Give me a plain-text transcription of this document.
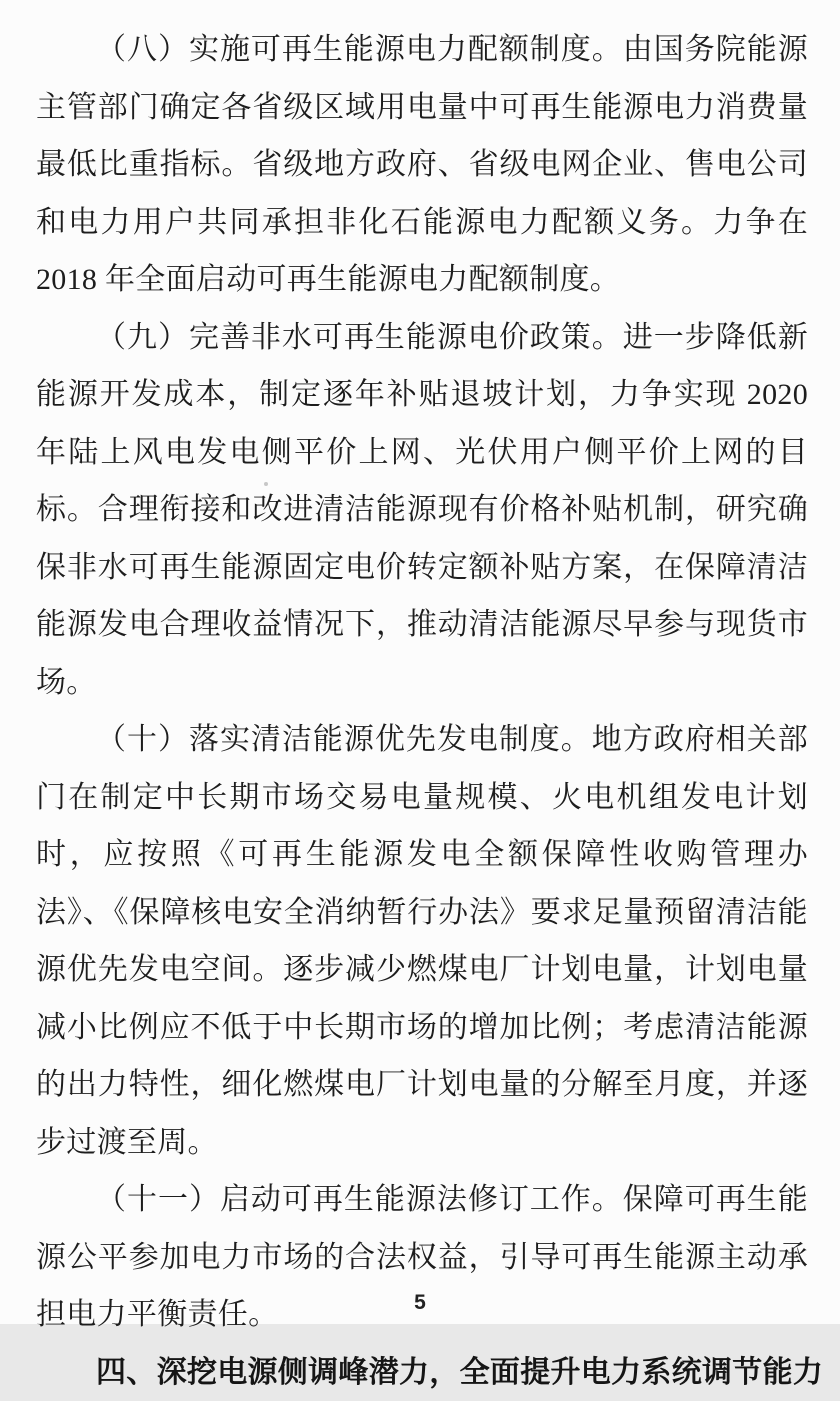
（八）实施可再生能源电力配额制度。由国务院能源主管部门确定各省级区域用电量中可再生能源电力消费量最低比重指标。省级地方政府、省级电网企业、售电公司和电力用户共同承担非化石能源电力配额义务。力争在 2018 年全面启动可再生能源电力配额制度。

（九）完善非水可再生能源电价政策。进一步降低新能源开发成本，制定逐年补贴退坡计划，力争实现 2020 年陆上风电发电侧平价上网、光伏用户侧平价上网的目标。合理衔接和改进清洁能源现有价格补贴机制，研究确保非水可再生能源固定电价转定额补贴方案，在保障清洁能源发电合理收益情况下，推动清洁能源尽早参与现货市场。

（十）落实清洁能源优先发电制度。地方政府相关部门在制定中长期市场交易电量规模、火电机组发电计划时，应按照《可再生能源发电全额保障性收购管理办法》、《保障核电安全消纳暂行办法》要求足量预留清洁能源优先发电空间。逐步减少燃煤电厂计划电量，计划电量减小比例应不低于中长期市场的增加比例；考虑清洁能源的出力特性，细化燃煤电厂计划电量的分解至月度，并逐步过渡至周。

（十一）启动可再生能源法修订工作。保障可再生能源公平参加电力市场的合法权益，引导可再生能源主动承担电力平衡责任。

四、深挖电源侧调峰潜力，全面提升电力系统调节能力

5
